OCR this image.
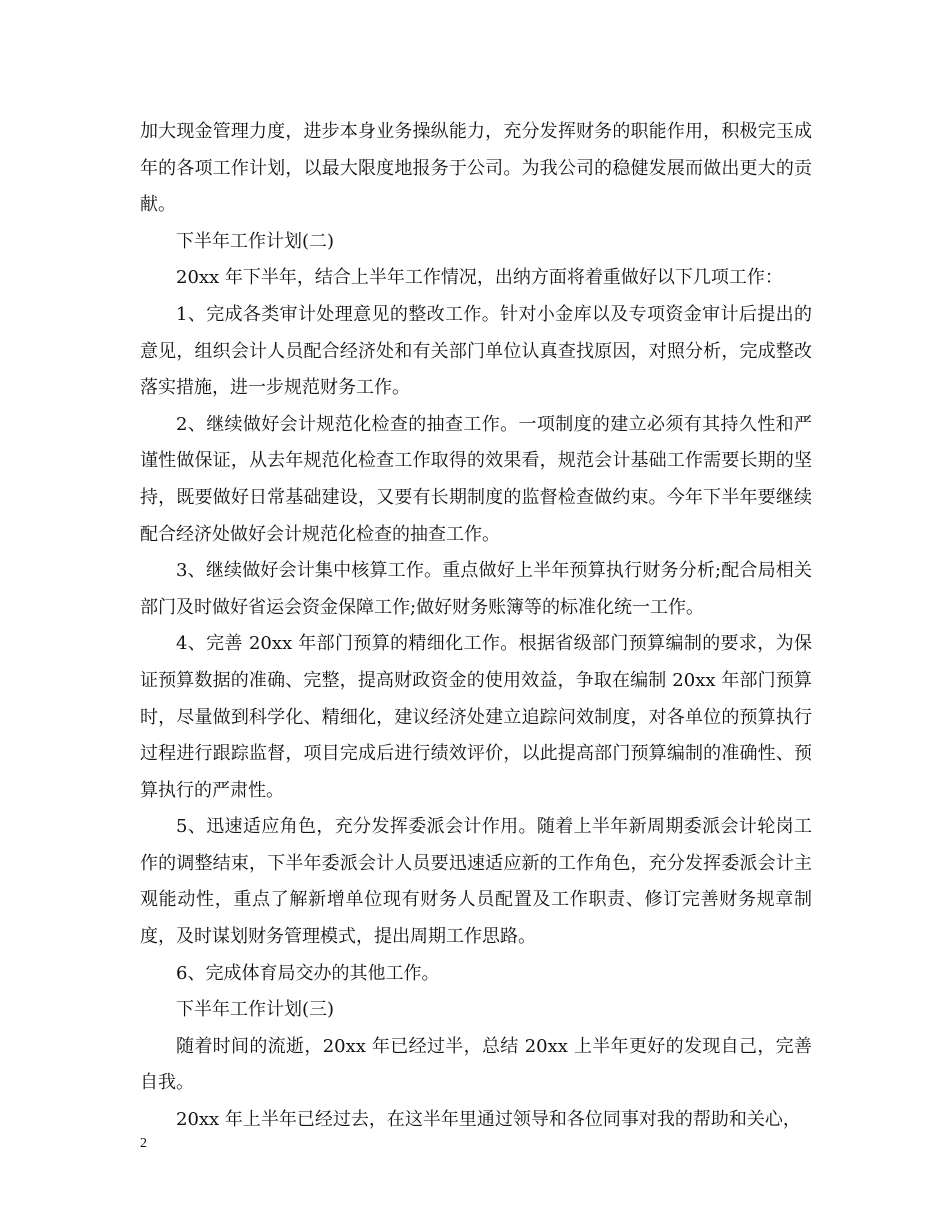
加大现金管理力度，进步本身业务操纵能力，充分发挥财务的职能作用，积极完玉成年的各项工作计划，以最大限度地报务于公司。为我公司的稳健发展而做出更大的贡献。

下半年工作计划(二)

20xx 年下半年，结合上半年工作情况，出纳方面将着重做好以下几项工作：

1、完成各类审计处理意见的整改工作。针对小金库以及专项资金审计后提出的意见，组织会计人员配合经济处和有关部门单位认真查找原因，对照分析，完成整改落实措施，进一步规范财务工作。

2、继续做好会计规范化检查的抽查工作。一项制度的建立必须有其持久性和严谨性做保证，从去年规范化检查工作取得的效果看，规范会计基础工作需要长期的坚持，既要做好日常基础建设，又要有长期制度的监督检查做约束。今年下半年要继续配合经济处做好会计规范化检查的抽查工作。

3、继续做好会计集中核算工作。重点做好上半年预算执行财务分析;配合局相关部门及时做好省运会资金保障工作;做好财务账簿等的标准化统一工作。

4、完善 20xx 年部门预算的精细化工作。根据省级部门预算编制的要求，为保证预算数据的准确、完整，提高财政资金的使用效益，争取在编制 20xx 年部门预算时，尽量做到科学化、精细化，建议经济处建立追踪问效制度，对各单位的预算执行过程进行跟踪监督，项目完成后进行绩效评价，以此提高部门预算编制的准确性、预算执行的严肃性。

5、迅速适应角色，充分发挥委派会计作用。随着上半年新周期委派会计轮岗工作的调整结束，下半年委派会计人员要迅速适应新的工作角色，充分发挥委派会计主观能动性，重点了解新增单位现有财务人员配置及工作职责、修订完善财务规章制度，及时谋划财务管理模式，提出周期工作思路。

6、完成体育局交办的其他工作。

下半年工作计划(三)

随着时间的流逝，20xx 年已经过半，总结 20xx 上半年更好的发现自己，完善自我。

20xx 年上半年已经过去，在这半年里通过领导和各位同事对我的帮助和关心，

2
